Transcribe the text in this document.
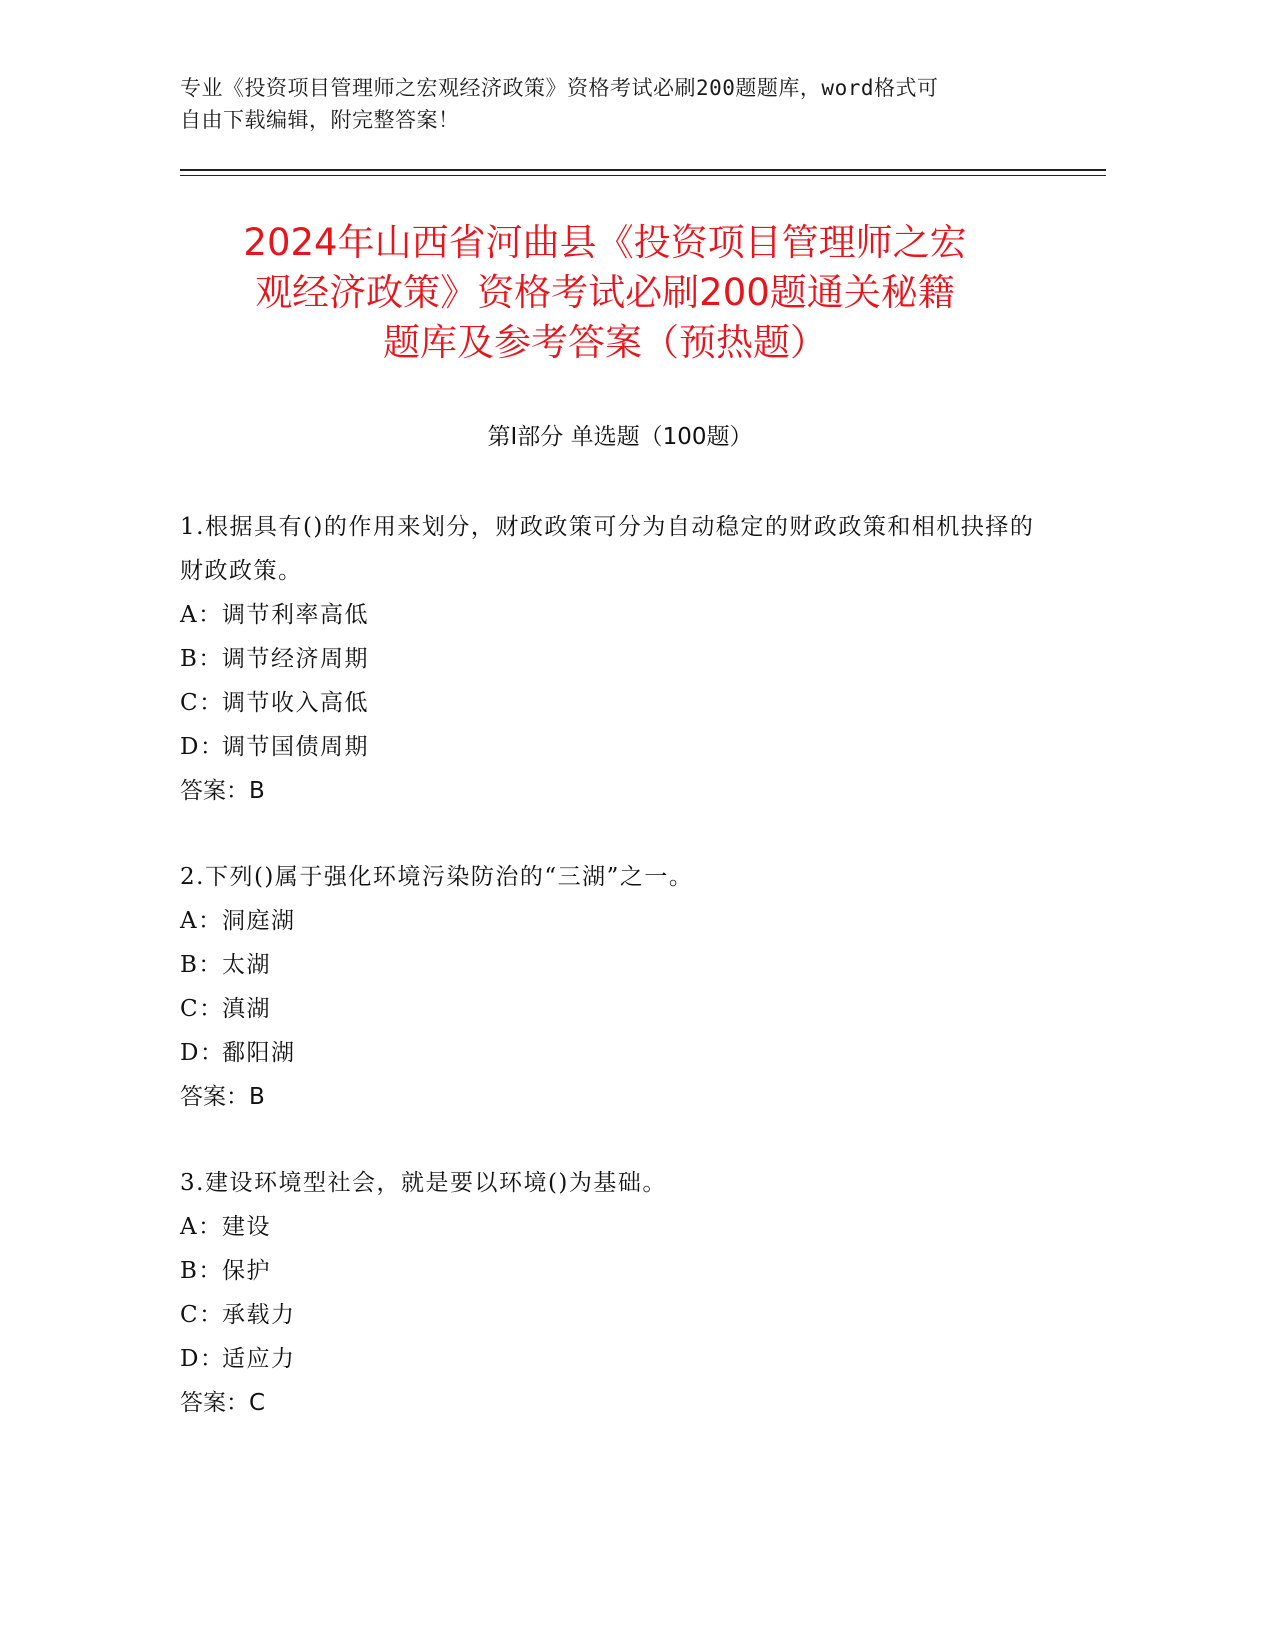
专业《投资项目管理师之宏观经济政策》资格考试必刷200题题库，word格式可
自由下载编辑，附完整答案！
2024年山西省河曲县《投资项目管理师之宏
观经济政策》资格考试必刷200题通关秘籍
题库及参考答案（预热题）
第Ⅰ部分 单选题（100题）
1.根据具有()的作用来划分，财政政策可分为自动稳定的财政政策和相机抉择的财政政策。
A： 调节利率高低
B： 调节经济周期
C：
调节收入高低
D：
调节国债周期
答案：B
2.下列()属于强化环境污染防治的“三湖”之一。
A： 洞庭湖
B： 太湖
C：
滇湖
D：
鄱阳湖
答案：B
3.建设环境型社会，就是要以环境()为基础。
A： 建设
B： 保护
C：
承载力
D：
适应力
答案：C
